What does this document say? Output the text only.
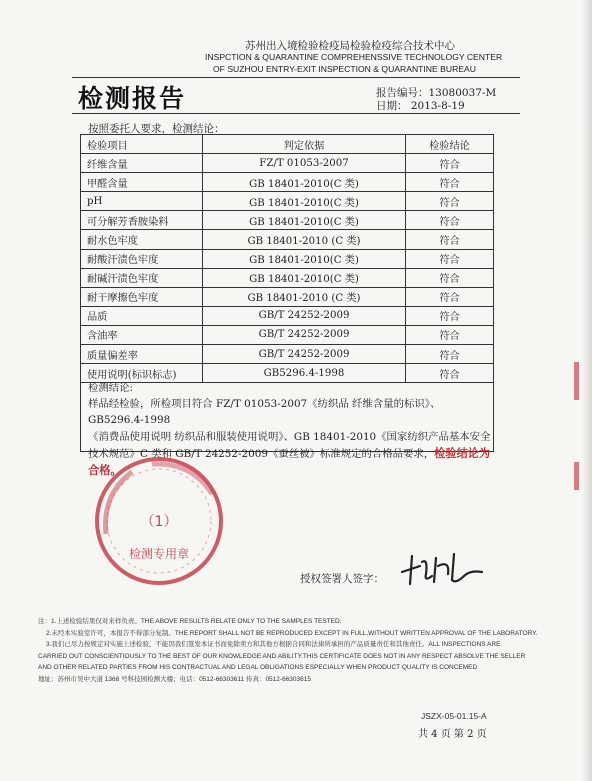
苏州出入境检验检疫局检验检疫综合技术中心
INSPCTION & QUARANTINE COMPREHENSSIVE TECHNOLOGY CENTER
OF SUZHOU ENTRY-EXIT INSPECTION & QUARANTINE BUREAU
检测报告	报告编号：13080037-M
日期： 2013-8-19
按照委托人要求，检测结论：
检验项目	判定依据	检验结论
纤维含量	FZ/T 01053-2007	符合
甲醛含量	GB 18401-2010(C 类)	符合
pH	GB 18401-2010(C 类)	符合
可分解芳香胺染料	GB 18401-2010(C 类)	符合
耐水色牢度	GB 18401-2010 (C 类)	符合
耐酸汗渍色牢度	GB 18401-2010(C 类)	符合
耐碱汗渍色牢度	GB 18401-2010(C 类)	符合
耐干摩擦色牢度	GB 18401-2010 (C 类)	符合
品质	GB/T 24252-2009	符合
含油率	GB/T 24252-2009	符合
质量偏差率	GB/T 24252-2009	符合
使用说明(标识标志)	GB5296.4-1998	符合
检测结论:
样品经检验，所检项目符合 FZ/T 01053-2007《纺织品 纤维含量的标识》、GB5296.4-1998
《消费品使用说明 纺织品和服装使用说明》、GB 18401-2010《国家纺织产品基本安全
技术规范》C 类和 GB/T 24252-2009《蚕丝被》标准规定的合格品要求，检验结论为
合格。
（1）
检测专用章
授权签署人签字：
注：1.上述检验结果仅对来样负责。THE ABOVE RESULTS RELATE ONLY TO THE SAMPLES TESTED.
2.未经本实验室许可，本报告不得部分复制。THE REPORT SHALL NOT BE REPRODUCED EXCEPT IN FULL,WITHOUT WRITTEN APPROVAL OF THE LABORATORY.
3.我们已尽力按规定对实施上述检验，不能因我们签发本证书而免除卖方和其他方根据合同和法律所承担的产品质量责任和其他责任。ALL INSPECTIONS ARE
CARRIED OUT CONSCIENTIOUSLY TO THE BEST OF OUR KNOWLEDGE AND ABILITY.THIS CERTIFICATE DOES NOT IN ANY RESPECT ABSOLVE THE SELLER
AND OTHER RELATED PARTIES FROM HIS CONTRACTUAL AND LEGAL OBLIGATIONS ESPECIALLY WHEN PRODUCT QUALITY IS CONCEMED
地址：苏州市吴中大道 1368 号科技园检测大楼；电话：0512-66303611 传真：0512-66303615
JSZX-05-01.15-A
共 4 页 第 2 页
